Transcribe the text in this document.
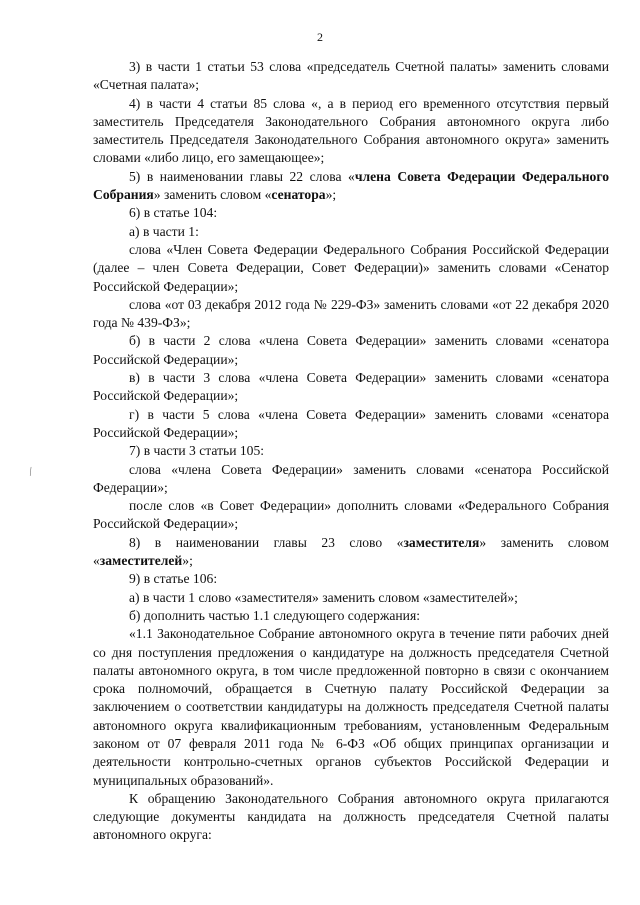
2
⁄

3) в части 1 статьи 53 слова «председатель Счетной палаты» заменить словами «Счетная палата»;

4) в части 4 статьи 85 слова «, а в период его временного отсутствия первый заместитель Председателя Законодательного Собрания автономного округа либо заместитель Председателя Законодательного Собрания автономного округа» заменить словами «либо лицо, его замещающее»;

5) в наименовании главы 22 слова «члена Совета Федерации Федерального Собрания» заменить словом «сенатора»;

6) в статье 104:

а) в части 1:

слова «Член Совета Федерации Федерального Собрания Российской Федерации (далее – член Совета Федерации, Совет Федерации)» заменить словами «Сенатор Российской Федерации»;

слова «от 03 декабря 2012 года № 229-ФЗ» заменить словами «от 22 декабря 2020 года № 439-ФЗ»;

б) в части 2 слова «члена Совета Федерации» заменить словами «сенатора Российской Федерации»;

в) в части 3 слова «члена Совета Федерации» заменить словами «сенатора Российской Федерации»;

г) в части 5 слова «члена Совета Федерации» заменить словами «сенатора Российской Федерации»;

7) в части 3 статьи 105:

слова «члена Совета Федерации» заменить словами «сенатора Российской Федерации»;

после слов «в Совет Федерации» дополнить словами «Федерального Собрания Российской Федерации»;

8) в наименовании главы 23 слово «заместителя» заменить словом «заместителей»;

9) в статье 106:

а) в части 1 слово «заместителя» заменить словом «заместителей»;

б) дополнить частью 1.1 следующего содержания:

«1.1 Законодательное Собрание автономного округа в течение пяти рабочих дней со дня поступления предложения о кандидатуре на должность председателя Счетной палаты автономного округа, в том числе предложенной повторно в связи с окончанием срока полномочий, обращается в Счетную палату Российской Федерации за заключением о соответствии кандидатуры на должность председателя Счетной палаты автономного округа квалификационным требованиям, установленным Федеральным законом от 07 февраля 2011 года № 6-ФЗ «Об общих принципах организации и деятельности контрольно-счетных органов субъектов Российской Федерации и муниципальных образований».

К обращению Законодательного Собрания автономного округа прилагаются следующие документы кандидата на должность председателя Счетной палаты автономного округа:
